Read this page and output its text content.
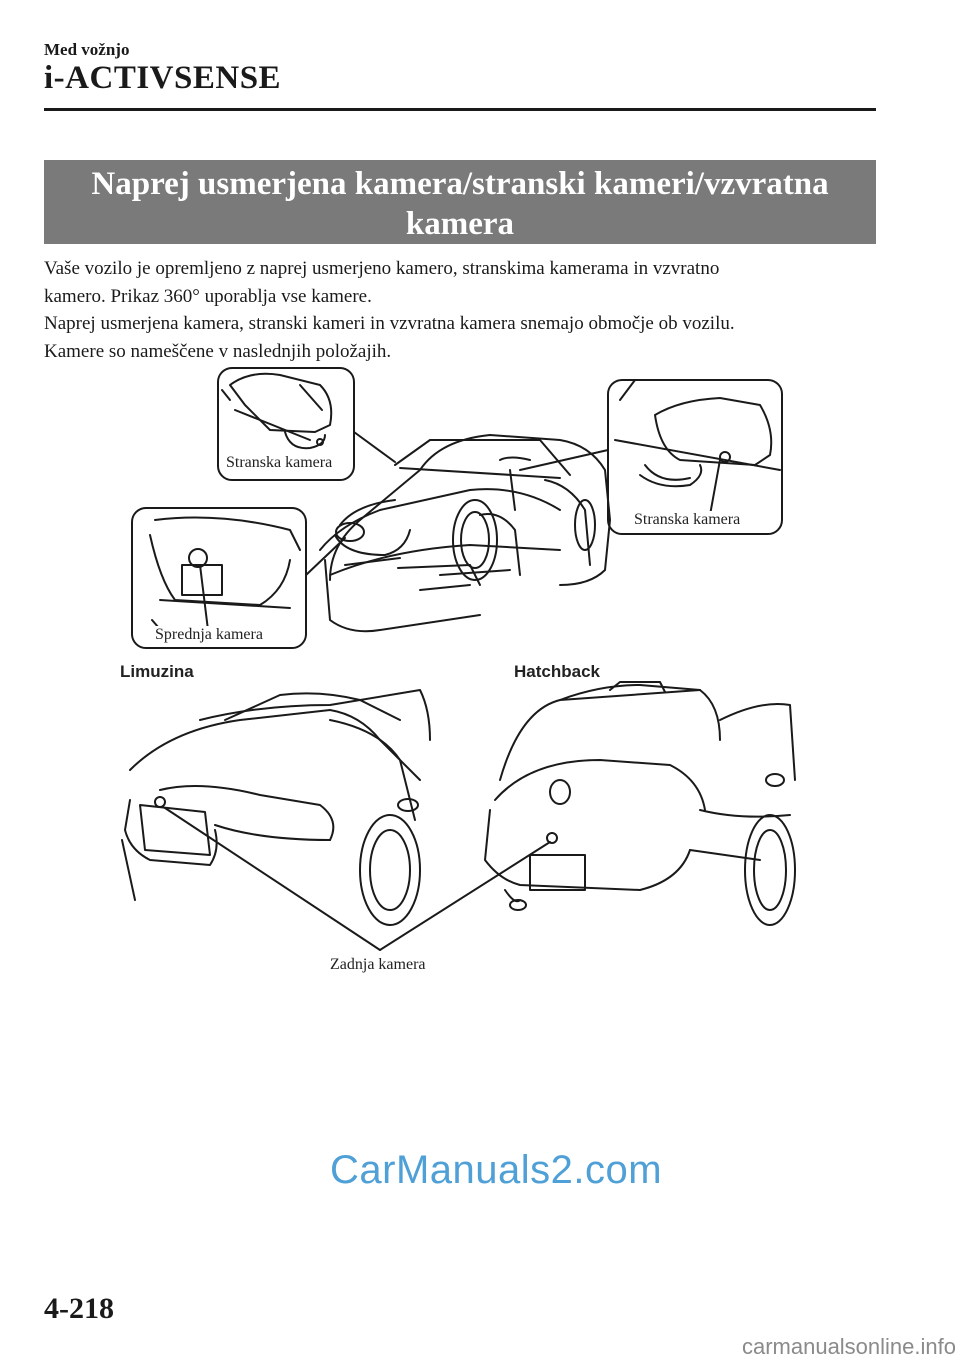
Med vožnjo
i-ACTIVSENSE
Naprej usmerjena kamera/stranski kameri/vzvratna
kamera

Vaše vozilo je opremljeno z naprej usmerjeno kamero, stranskima kamerama in vzvratno

kamero. Prikaz 360° uporablja vse kamere.

Naprej usmerjena kamera, stranski kameri in vzvratna kamera snemajo območje ob vozilu.

Kamere so nameščene v naslednjih položajih.

Stranska kamera
Stranska kamera
Sprednja kamera
Limuzina	Hatchback
Zadnja kamera
CarManuals2.com
4-218
carmanualsonline.info
